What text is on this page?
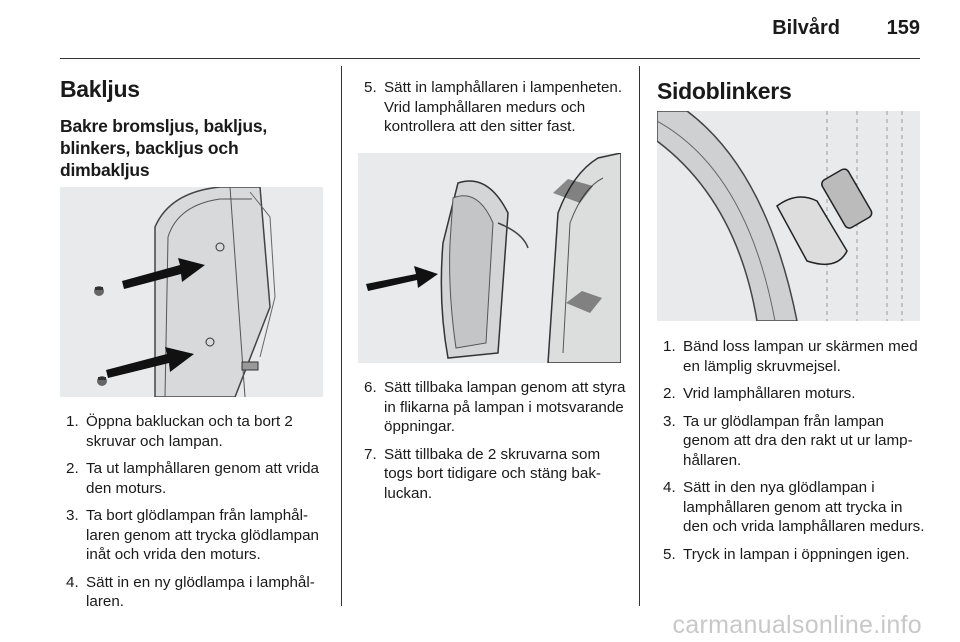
Bilvård 159
Bakljus
Bakre bromsljus, bakljus, blinkers, backljus och dimbakljus
1. Öppna bakluckan och ta bort 2 skruvar och lampan.
2. Ta ut lamphållaren genom att vrida den moturs.
3. Ta bort glödlampan från lamphållaren genom att trycka glödlampan inåt och vrida den moturs.
4. Sätt in en ny glödlampa i lamphållaren.
5. Sätt in lamphållaren i lampenheten. Vrid lamphållaren medurs och kontrollera att den sitter fast.
6. Sätt tillbaka lampan genom att styra in flikarna på lampan i motsvarande öppningar.
7. Sätt tillbaka de 2 skruvarna som togs bort tidigare och stäng bakluckan.
Sidoblinkers
1. Bänd loss lampan ur skärmen med en lämplig skruvmejsel.
2. Vrid lamphållaren moturs.
3. Ta ur glödlampan från lampan genom att dra den rakt ut ur lamphållaren.
4. Sätt in den nya glödlampan i lamphållaren genom att trycka in den och vrida lamphållaren medurs.
5. Tryck in lampan i öppningen igen.
carmanualsonline.info
